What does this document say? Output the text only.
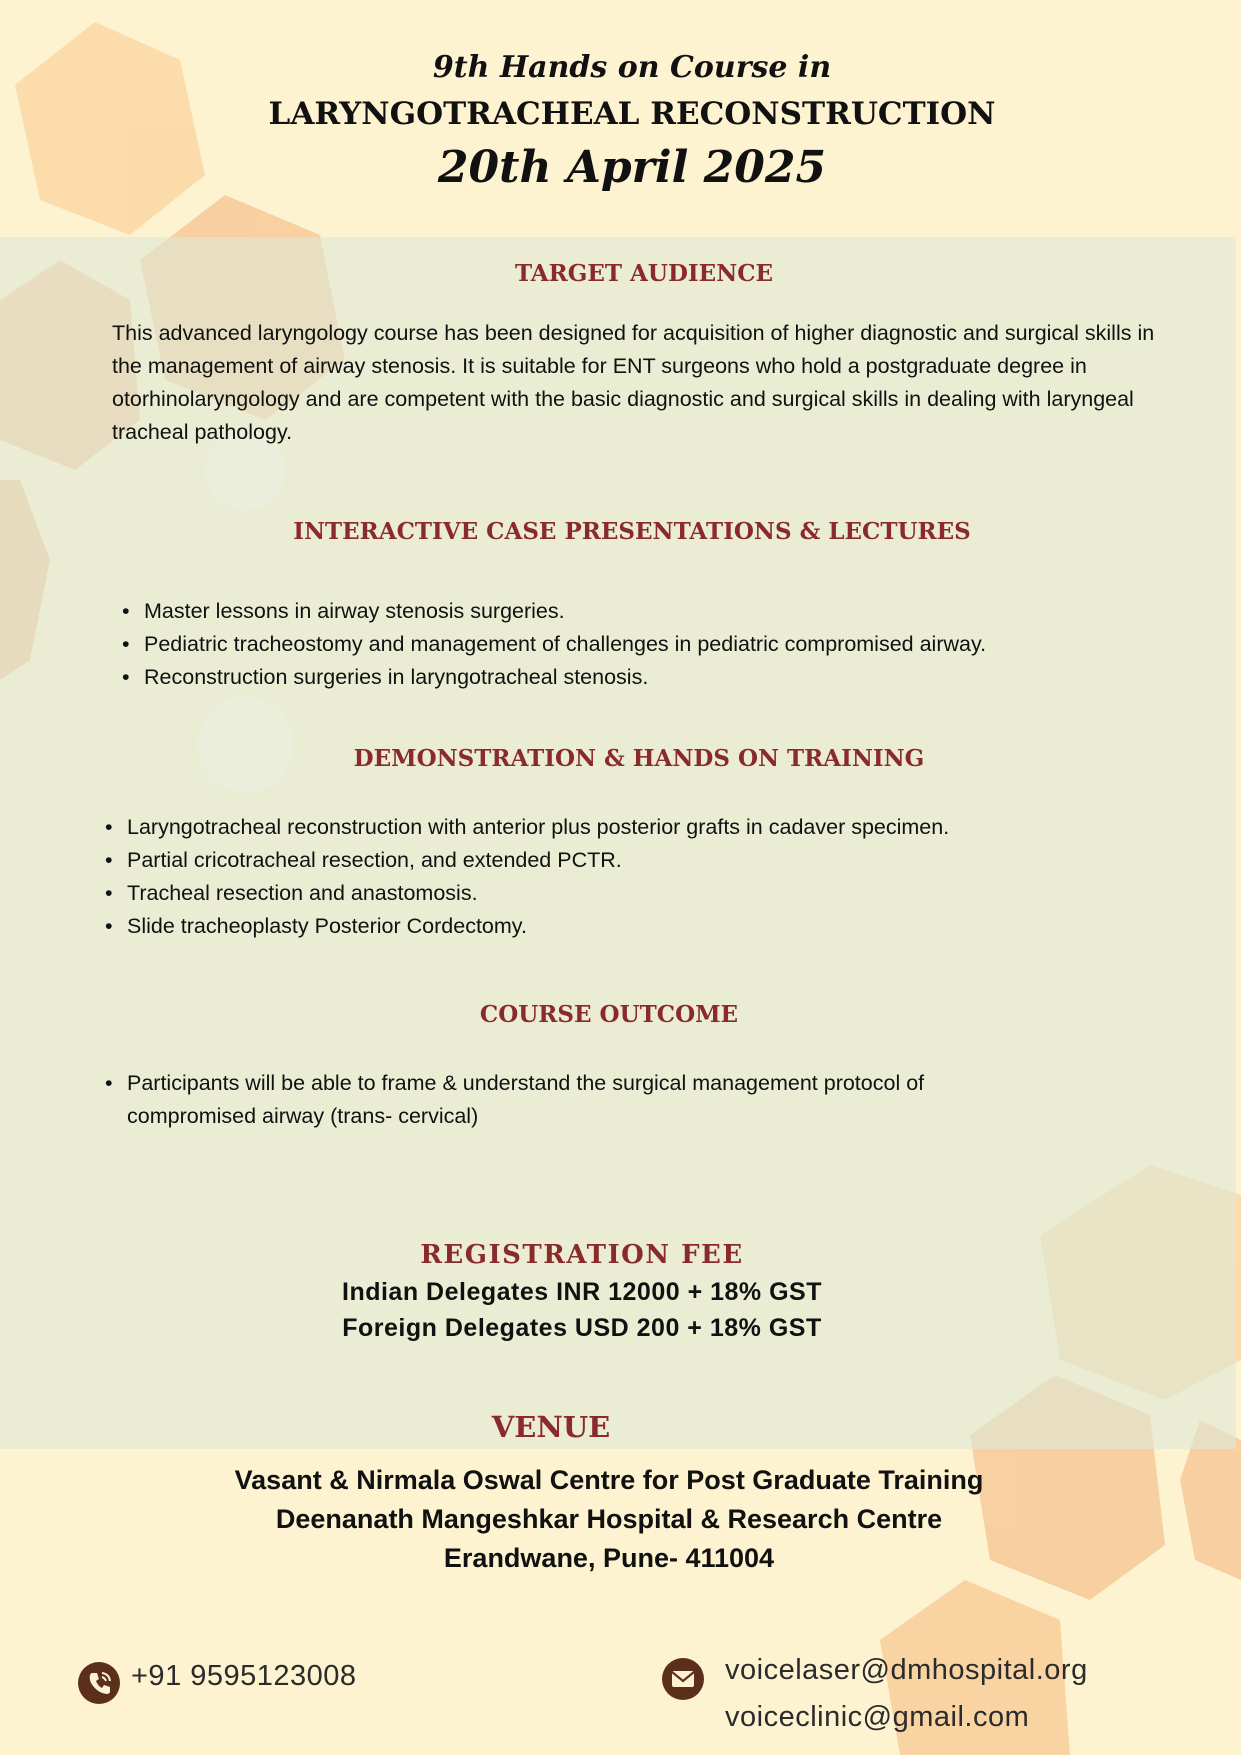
9th Hands on Course in
LARYNGOTRACHEAL RECONSTRUCTION
20th April 2025
TARGET AUDIENCE
This advanced laryngology course has been designed for acquisition of higher diagnostic and surgical skills in the management of airway stenosis. It is suitable for ENT surgeons who hold a postgraduate degree in otorhinolaryngology and are competent with the basic diagnostic and surgical skills in dealing with laryngeal tracheal pathology.
INTERACTIVE CASE PRESENTATIONS & LECTURES
• Master lessons in airway stenosis surgeries.
• Pediatric tracheostomy and management of challenges in pediatric compromised airway.
• Reconstruction surgeries in laryngotracheal stenosis.
DEMONSTRATION & HANDS ON TRAINING
• Laryngotracheal reconstruction with anterior plus posterior grafts in cadaver specimen.
• Partial cricotracheal resection, and extended PCTR.
• Tracheal resection and anastomosis.
• Slide tracheoplasty Posterior Cordectomy.
COURSE OUTCOME
• Participants will be able to frame & understand the surgical management protocol of compromised airway (trans- cervical)
REGISTRATION FEE
Indian Delegates INR 12000 + 18% GST
Foreign Delegates USD 200 + 18% GST
VENUE
Vasant & Nirmala Oswal Centre for Post Graduate Training
Deenanath Mangeshkar Hospital & Research Centre
Erandwane, Pune- 411004
+91 9595123008	voicelaser@dmhospital.org
voiceclinic@gmail.com
